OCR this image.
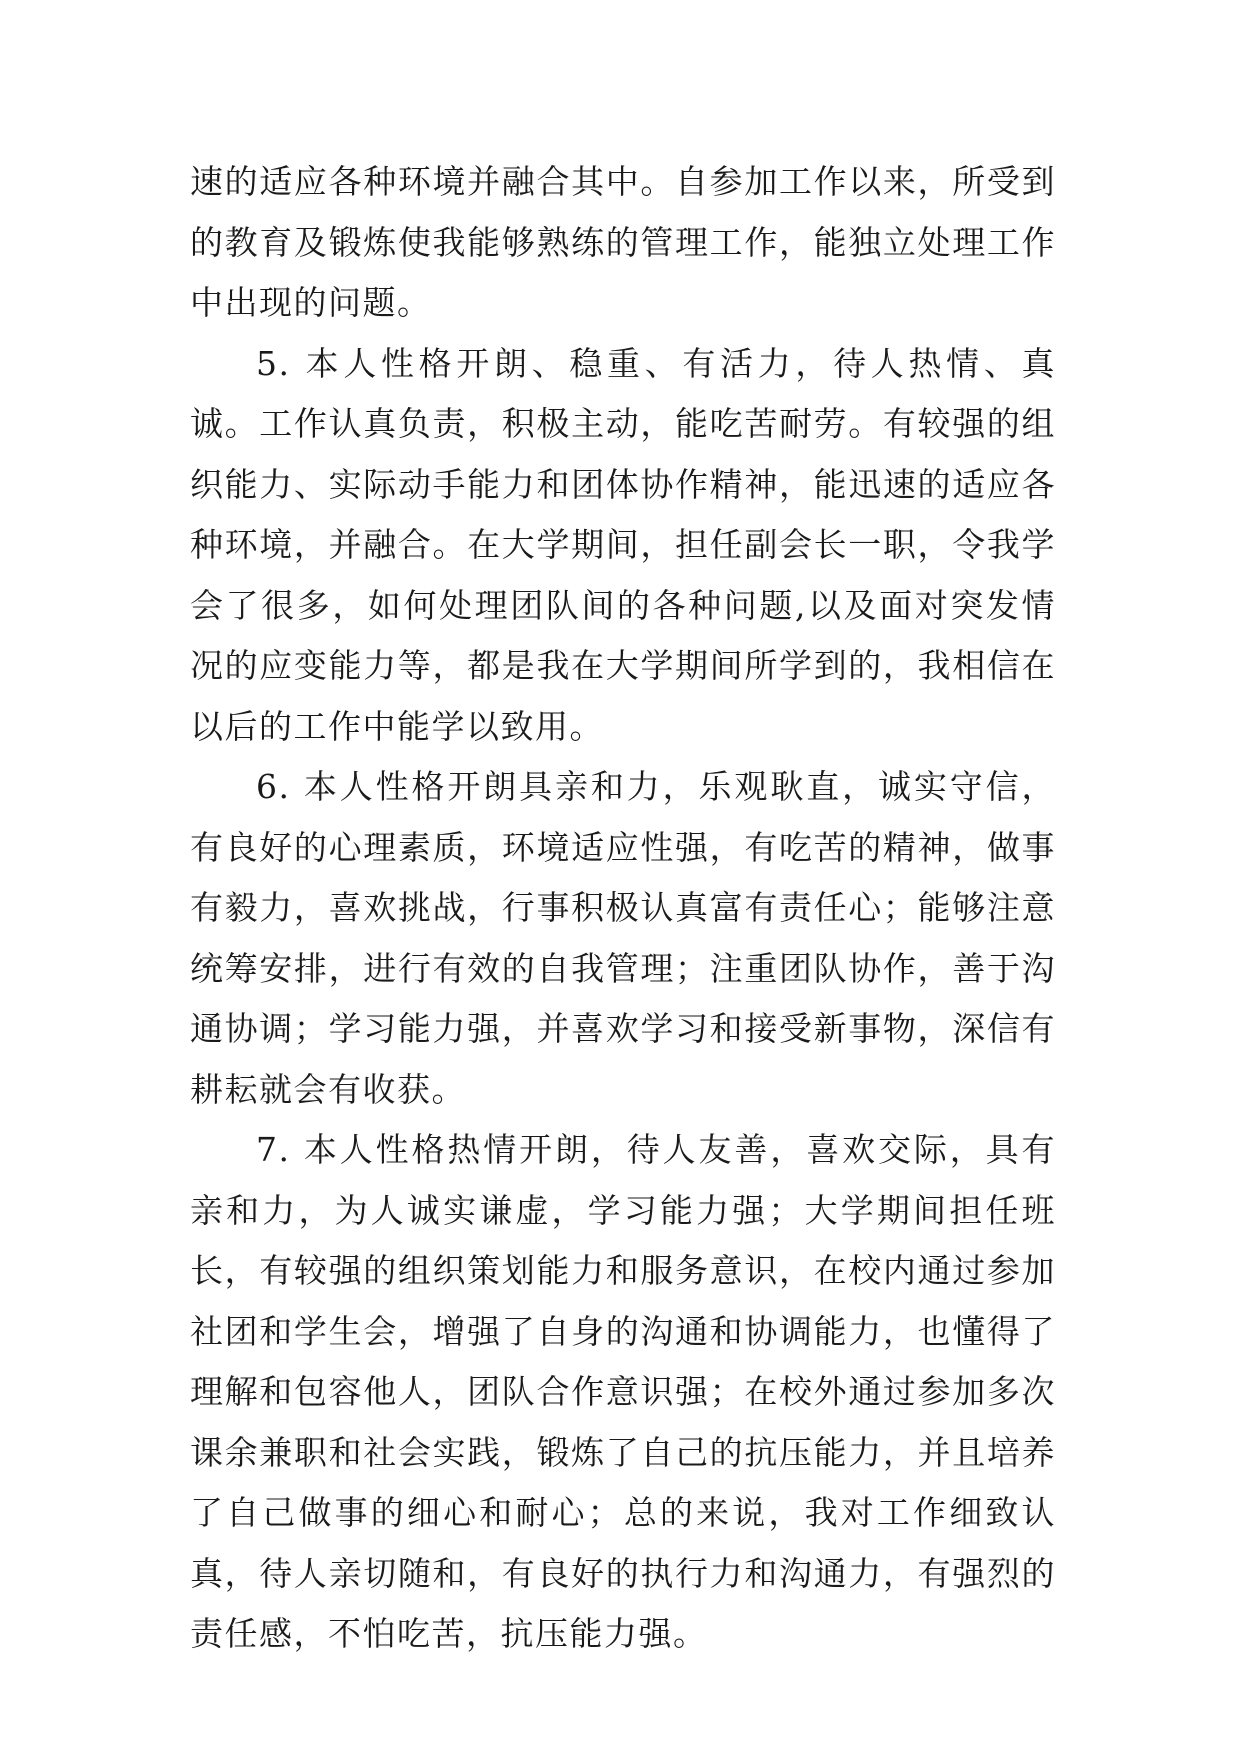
速的适应各种环境并融合其中。自参加工作以来，所受到的教育及锻炼使我能够熟练的管理工作，能独立处理工作中出现的问题。

5. 本人性格开朗、稳重、有活力，待人热情、真诚。工作认真负责，积极主动，能吃苦耐劳。有较强的组织能力、实际动手能力和团体协作精神，能迅速的适应各种环境，并融合。在大学期间，担任副会长一职，令我学会了很多，如何处理团队间的各种问题,以及面对突发情况的应变能力等，都是我在大学期间所学到的，我相信在以后的工作中能学以致用。

6. 本人性格开朗具亲和力，乐观耿直，诚实守信，有良好的心理素质，环境适应性强，有吃苦的精神，做事有毅力，喜欢挑战，行事积极认真富有责任心；能够注意统筹安排，进行有效的自我管理；注重团队协作，善于沟通协调；学习能力强，并喜欢学习和接受新事物，深信有耕耘就会有收获。

7. 本人性格热情开朗，待人友善，喜欢交际，具有亲和力，为人诚实谦虚，学习能力强；大学期间担任班长，有较强的组织策划能力和服务意识，在校内通过参加社团和学生会，增强了自身的沟通和协调能力，也懂得了理解和包容他人，团队合作意识强；在校外通过参加多次课余兼职和社会实践，锻炼了自己的抗压能力，并且培养了自己做事的细心和耐心；总的来说，我对工作细致认真，待人亲切随和，有良好的执行力和沟通力，有强烈的责任感，不怕吃苦，抗压能力强。
